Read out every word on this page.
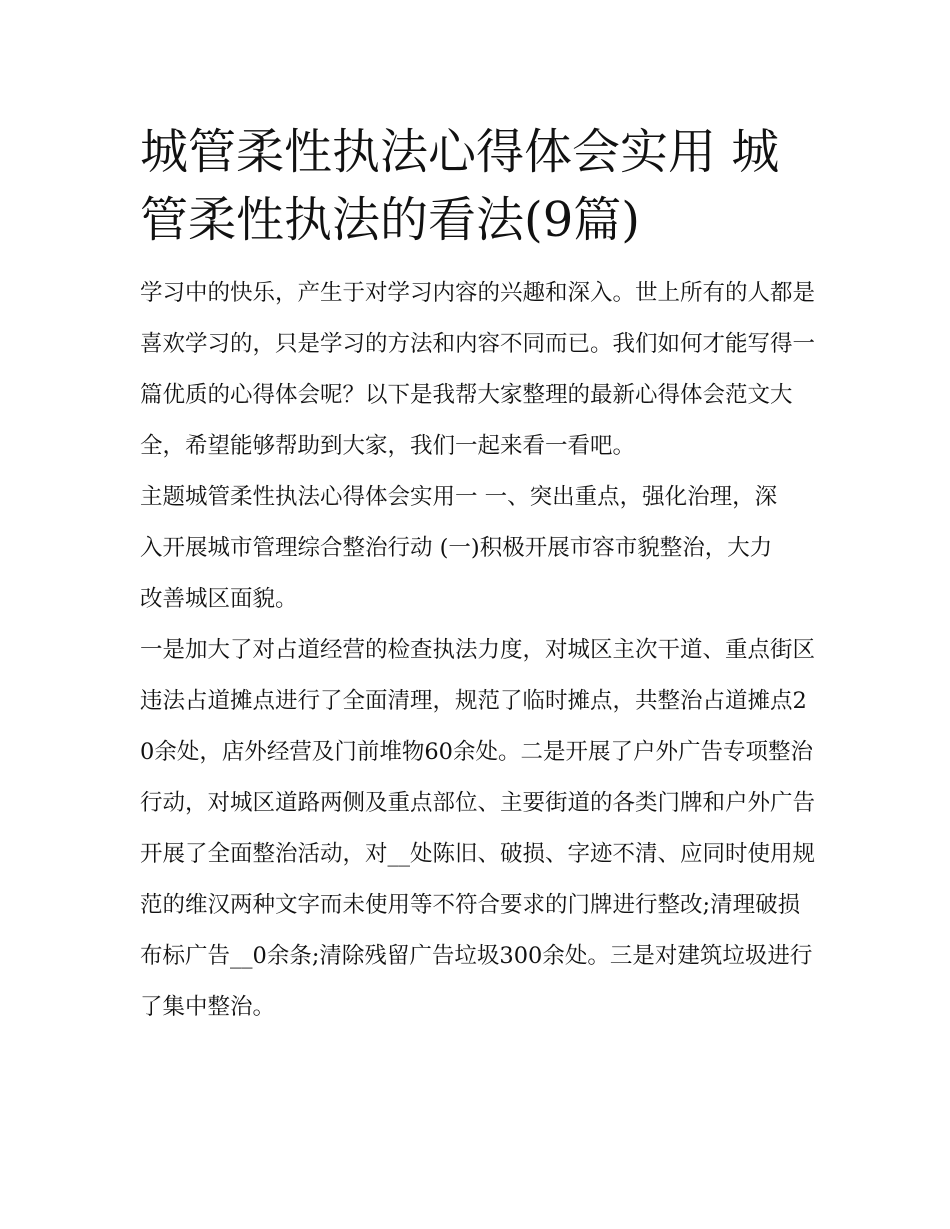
城管柔性执法心得体会实用 城管柔性执法的看法(9篇)

学习中的快乐，产生于对学习内容的兴趣和深入。世上所有的人都是喜欢学习的，只是学习的方法和内容不同而已。我们如何才能写得一篇优质的心得体会呢？以下是我帮大家整理的最新心得体会范文大全，希望能够帮助到大家，我们一起来看一看吧。

主题城管柔性执法心得体会实用一 一、突出重点，强化治理，深入开展城市管理综合整治行动 (一)积极开展市容市貌整治，大力改善城区面貌。

一是加大了对占道经营的检查执法力度，对城区主次干道、重点街区违法占道摊点进行了全面清理，规范了临时摊点，共整治占道摊点20余处，店外经营及门前堆物60余处。二是开展了户外广告专项整治行动，对城区道路两侧及重点部位、主要街道的各类门牌和户外广告开展了全面整治活动，对__处陈旧、破损、字迹不清、应同时使用规范的维汉两种文字而未使用等不符合要求的门牌进行整改;清理破损布标广告__0余条;清除残留广告垃圾300余处。三是对建筑垃圾进行了集中整治。
